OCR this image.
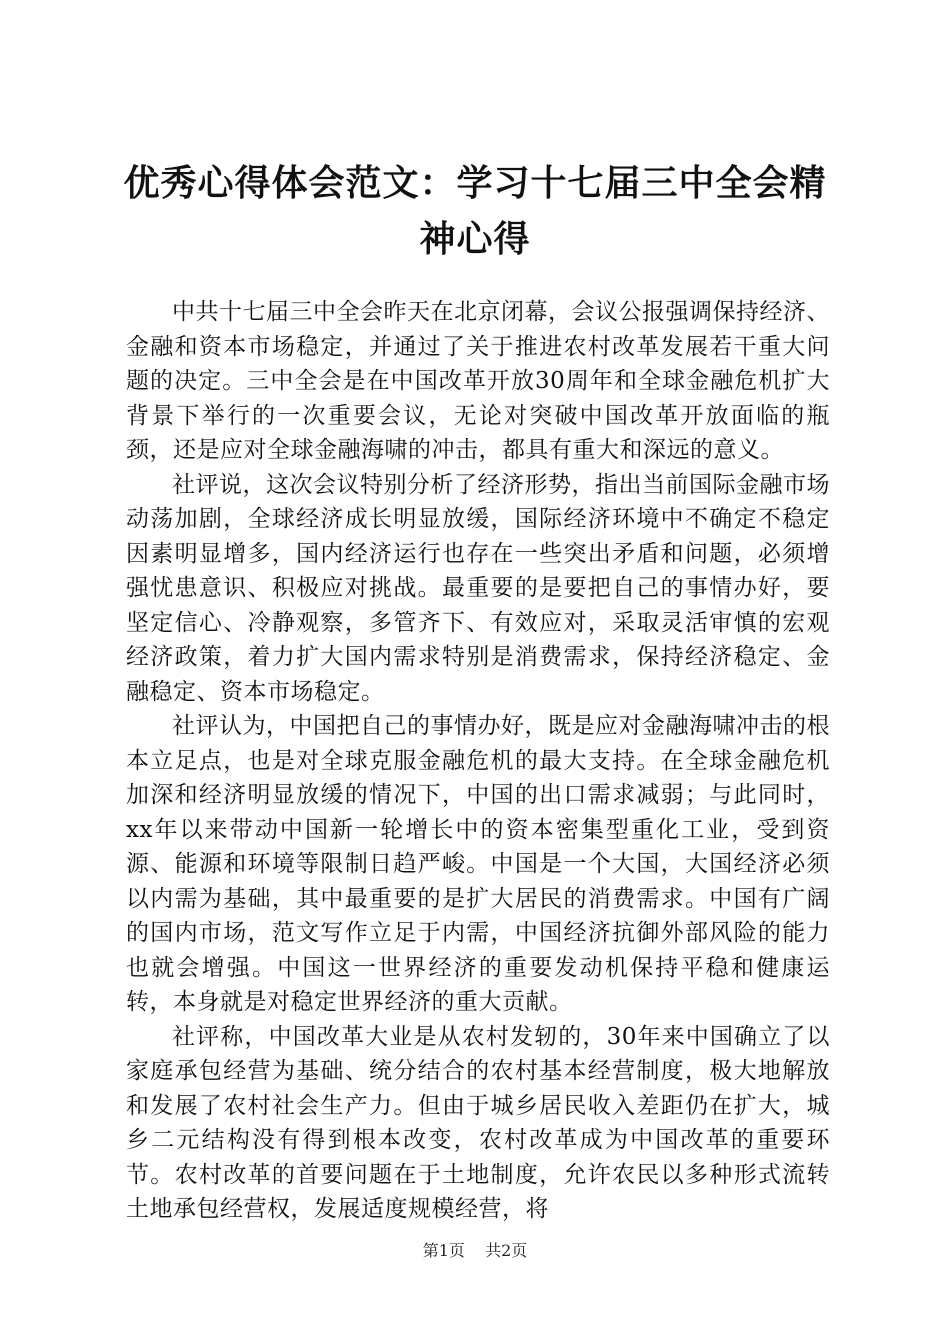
优秀心得体会范文：学习十七届三中全会精神心得

中共十七届三中全会昨天在北京闭幕，会议公报强调保持经济、金融和资本市场稳定，并通过了关于推进农村改革发展若干重大问题的决定。三中全会是在中国改革开放30周年和全球金融危机扩大背景下举行的一次重要会议，无论对突破中国改革开放面临的瓶颈，还是应对全球金融海啸的冲击，都具有重大和深远的意义。

社评说，这次会议特别分析了经济形势，指出当前国际金融市场动荡加剧，全球经济成长明显放缓，国际经济环境中不确定不稳定因素明显增多，国内经济运行也存在一些突出矛盾和问题，必须增强忧患意识、积极应对挑战。最重要的是要把自己的事情办好，要坚定信心、冷静观察，多管齐下、有效应对，采取灵活审慎的宏观经济政策，着力扩大国内需求特别是消费需求，保持经济稳定、金融稳定、资本市场稳定。

社评认为，中国把自己的事情办好，既是应对金融海啸冲击的根本立足点，也是对全球克服金融危机的最大支持。在全球金融危机加深和经济明显放缓的情况下，中国的出口需求减弱；与此同时，xx年以来带动中国新一轮增长中的资本密集型重化工业，受到资源、能源和环境等限制日趋严峻。中国是一个大国，大国经济必须以内需为基础，其中最重要的是扩大居民的消费需求。中国有广阔的国内市场，范文写作立足于内需，中国经济抗御外部风险的能力也就会增强。中国这一世界经济的重要发动机保持平稳和健康运转，本身就是对稳定世界经济的重大贡献。

社评称，中国改革大业是从农村发轫的，30年来中国确立了以家庭承包经营为基础、统分结合的农村基本经营制度，极大地解放和发展了农村社会生产力。但由于城乡居民收入差距仍在扩大，城乡二元结构没有得到根本改变，农村改革成为中国改革的重要环节。农村改革的首要问题在于土地制度，允许农民以多种形式流转土地承包经营权，发展适度规模经营，将

第1页 共2页
